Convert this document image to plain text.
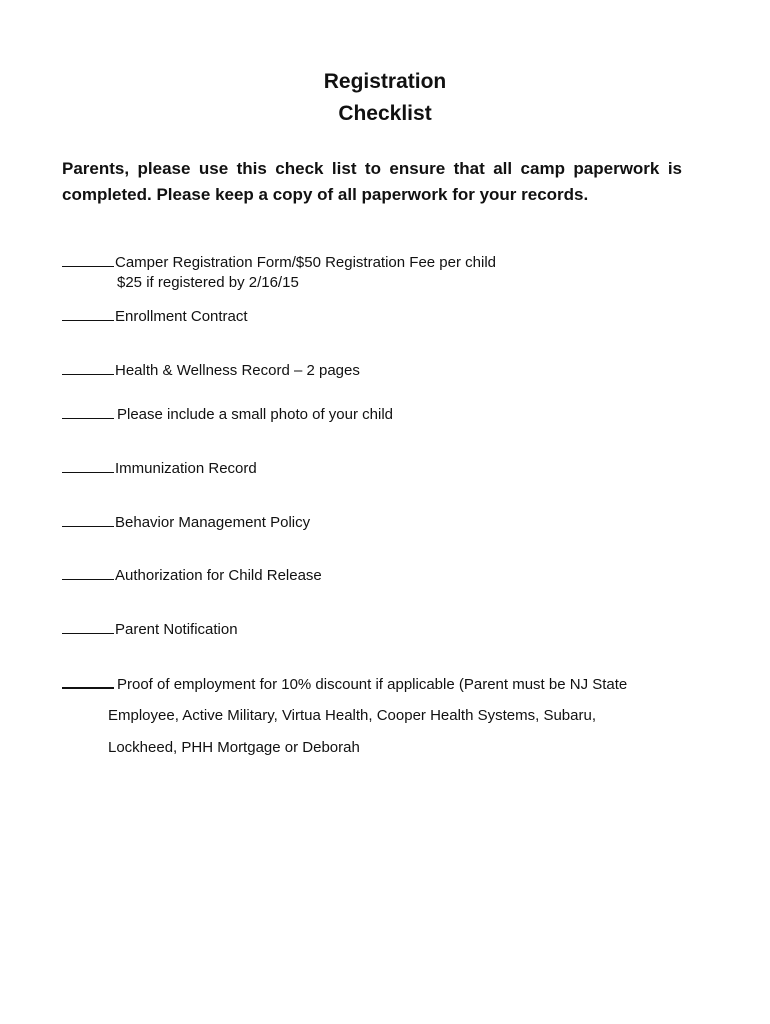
Registration
Checklist
Parents, please use this check list to ensure that all camp paperwork is completed. Please keep a copy of all paperwork for your records.
Camper Registration Form/$50 Registration Fee per child
$25 if registered by 2/16/15
Enrollment Contract
Health & Wellness Record – 2 pages
Please include a small photo of your child
Immunization Record
Behavior Management Policy
Authorization for Child Release
Parent Notification
Proof of employment for 10% discount if applicable (Parent must be NJ State
Employee, Active Military, Virtua Health, Cooper Health Systems, Subaru,
Lockheed, PHH Mortgage or Deborah
